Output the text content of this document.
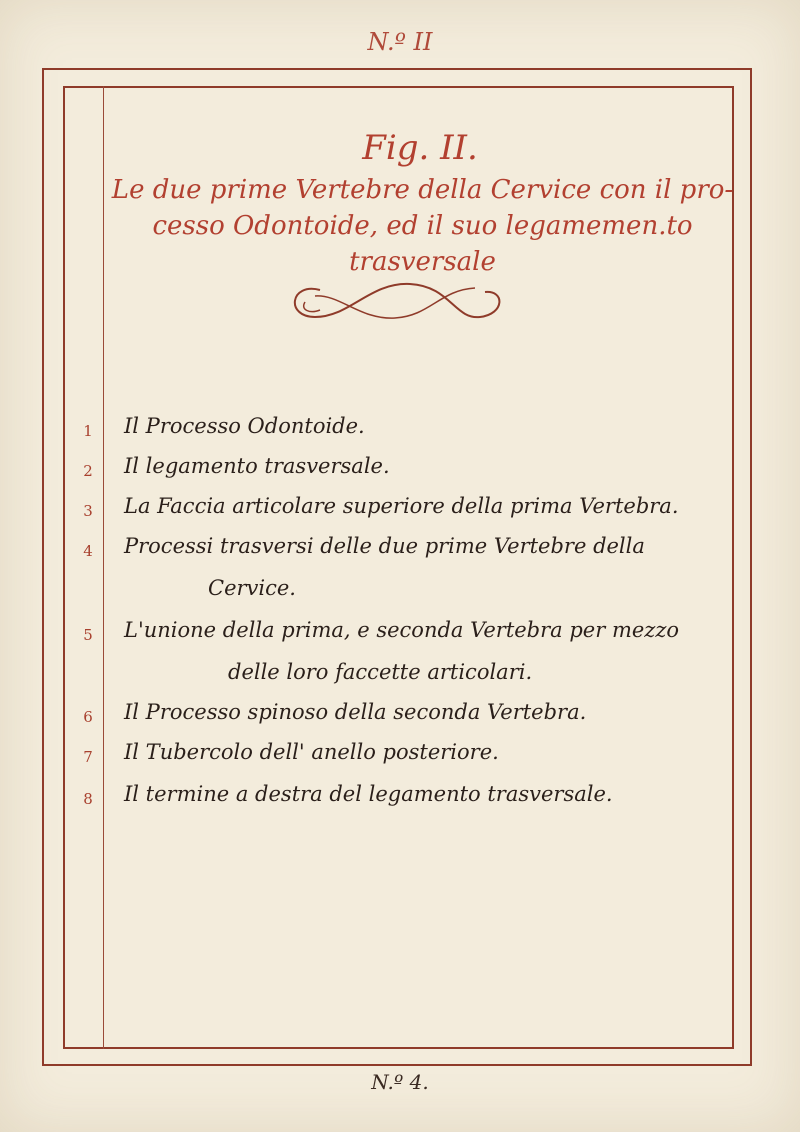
N.º II
Fig. II.
Le due prime Vertebre della Cervice con il pro-
cesso Odontoide, ed il suo legamemen.to trasversale
1	Il Processo Odontoide.
2	Il legamento trasversale.
3	La Faccia articolare superiore della prima Vertebra.
4	Processi trasversi delle due prime Vertebre della
Cervice.
5	L'unione della prima, e seconda Vertebra per mezzo
delle loro faccette articolari.
6	Il Processo spinoso della seconda Vertebra.
7	Il Tubercolo dell' anello posteriore.
8	Il termine a destra del legamento trasversale.
N.º 4.
